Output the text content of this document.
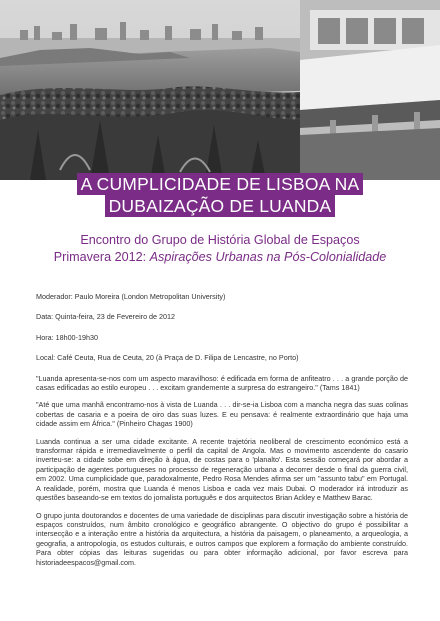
A CUMPLICIDADE DE LISBOA NA
DUBAIZAÇÃO DE LUANDA
Encontro do Grupo de História Global de Espaços
Primavera 2012: Aspirações Urbanas na Pós-Colonialidade

Moderador: Paulo Moreira (London Metropolitan University)

Data: Quinta-feira, 23 de Fevereiro de 2012

Hora: 18h00-19h30

Local: Café Ceuta, Rua de Ceuta, 20 (à Praça de D. Filipa de Lencastre, no Porto)

"Luanda apresenta-se-nos com um aspecto maravilhoso: é edificada em forma de anfiteatro . . . a grande porção de casas edificadas ao estilo europeu . . . excitam grandemente a surpresa do estrangeiro." (Tams 1841)

"Até que uma manhã encontramo-nos à vista de Luanda . . . dir-se-ia Lisboa com a mancha negra das suas colinas cobertas de casaria e a poeira de oiro das suas luzes. E eu pensava: é realmente extraordinário que haja uma cidade assim em África." (Pinheiro Chagas 1900)

Luanda continua a ser uma cidade excitante. A recente trajetória neoliberal de crescimento económico está a transformar rápida e irremediavelmente o perfil da capital de Angola. Mas o movimento ascendente do casario inverteu-se: a cidade sobe em direção à água, de costas para o 'planalto'. Esta sessão começará por abordar a participação de agentes portugueses no processo de regeneração urbana a decorrer desde o final da guerra civil, em 2002. Uma cumplicidade que, paradoxalmente, Pedro Rosa Mendes afirma ser um "assunto tabu" em Portugal. A realidade, porém, mostra que Luanda é menos Lisboa e cada vez mais Dubai. O moderador irá introduzir as questões baseando-se em textos do jornalista português e dos arquitectos Brian Ackley e Matthew Barac.

O grupo junta doutorandos e docentes de uma variedade de disciplinas para discutir investigação sobre a história de espaços construídos, num âmbito cronológico e geográfico abrangente. O objectivo do grupo é possibilitar a intersecção e a interação entre a história da arquitectura, a história da paisagem, o planeamento, a arqueologia, a geografia, a antropologia, os estudos culturais, e outros campos que explorem a formação do ambiente construído. Para obter cópias das leituras sugeridas ou para obter informação adicional, por favor escreva para historiadeespacos@gmail.com.
